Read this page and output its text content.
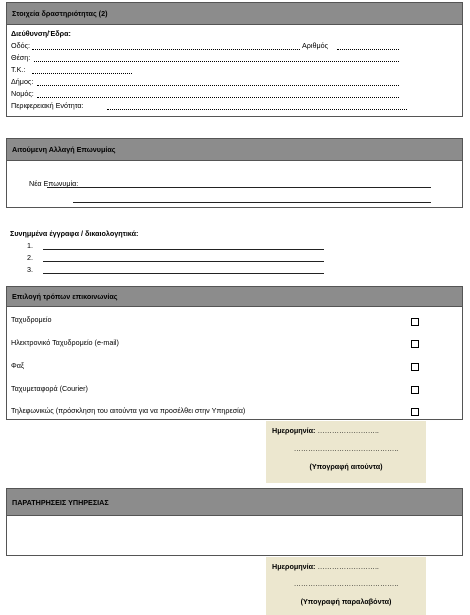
Στοιχεία δραστηριότητας (2)
Διεύθυνση/Έδρα:
Οδός:	Αριθμός
Θέση:
Τ.Κ.:
Δήμος:
Νομός:
Περιφερειακή Ενότητα:
Αιτούμενη Αλλαγή Επωνυμίας
Νέα Επωνυμία:
Συνημμένα έγγραφα / δικαιολογητικά:
1.
2.
3.
Επιλογή τρόπων επικοινωνίας
Ταχυδρομείο
Ηλεκτρονικό Ταχυδρομείο (e-mail)
Φαξ
Ταχυμεταφορά (Courier)
Τηλεφωνικώς (πρόσκληση του αιτούντα για να προσέλθει στην Υπηρεσία)
Ημερομηνία: ……………………..
……………………………………..
(Υπογραφή αιτούντα)
ΠΑΡΑΤΗΡΗΣΕΙΣ ΥΠΗΡΕΣΙΑΣ
Ημερομηνία: ……………………..
……………………………………..
(Υπογραφή παραλαβόντα)
